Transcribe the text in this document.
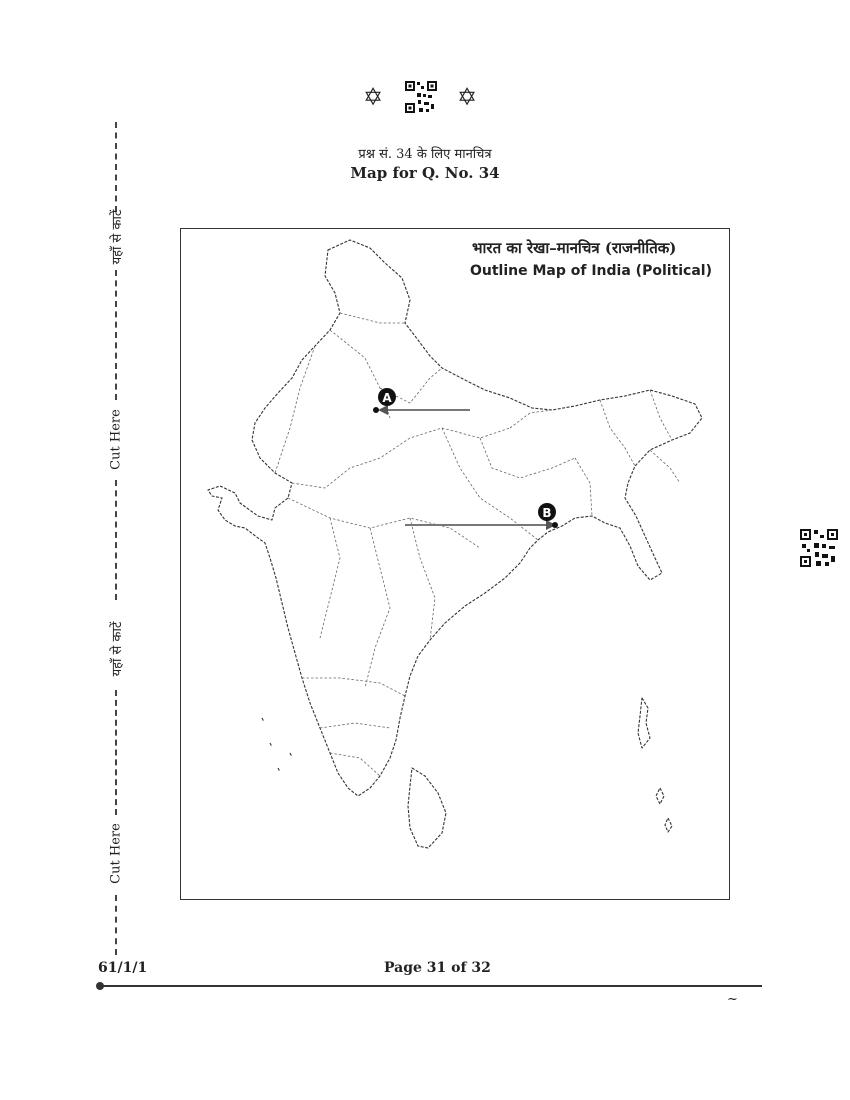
✡	✡
प्रश्न सं. 34 के लिए मानचित्र
Map for Q. No. 34
यहाँ से काटें
Cut Here
यहाँ से काटें
Cut Here
भारत का रेखा–मानचित्र (राजनीतिक)
Outline Map of India (Political)
A
B
61/1/1	Page 31 of 32
~
